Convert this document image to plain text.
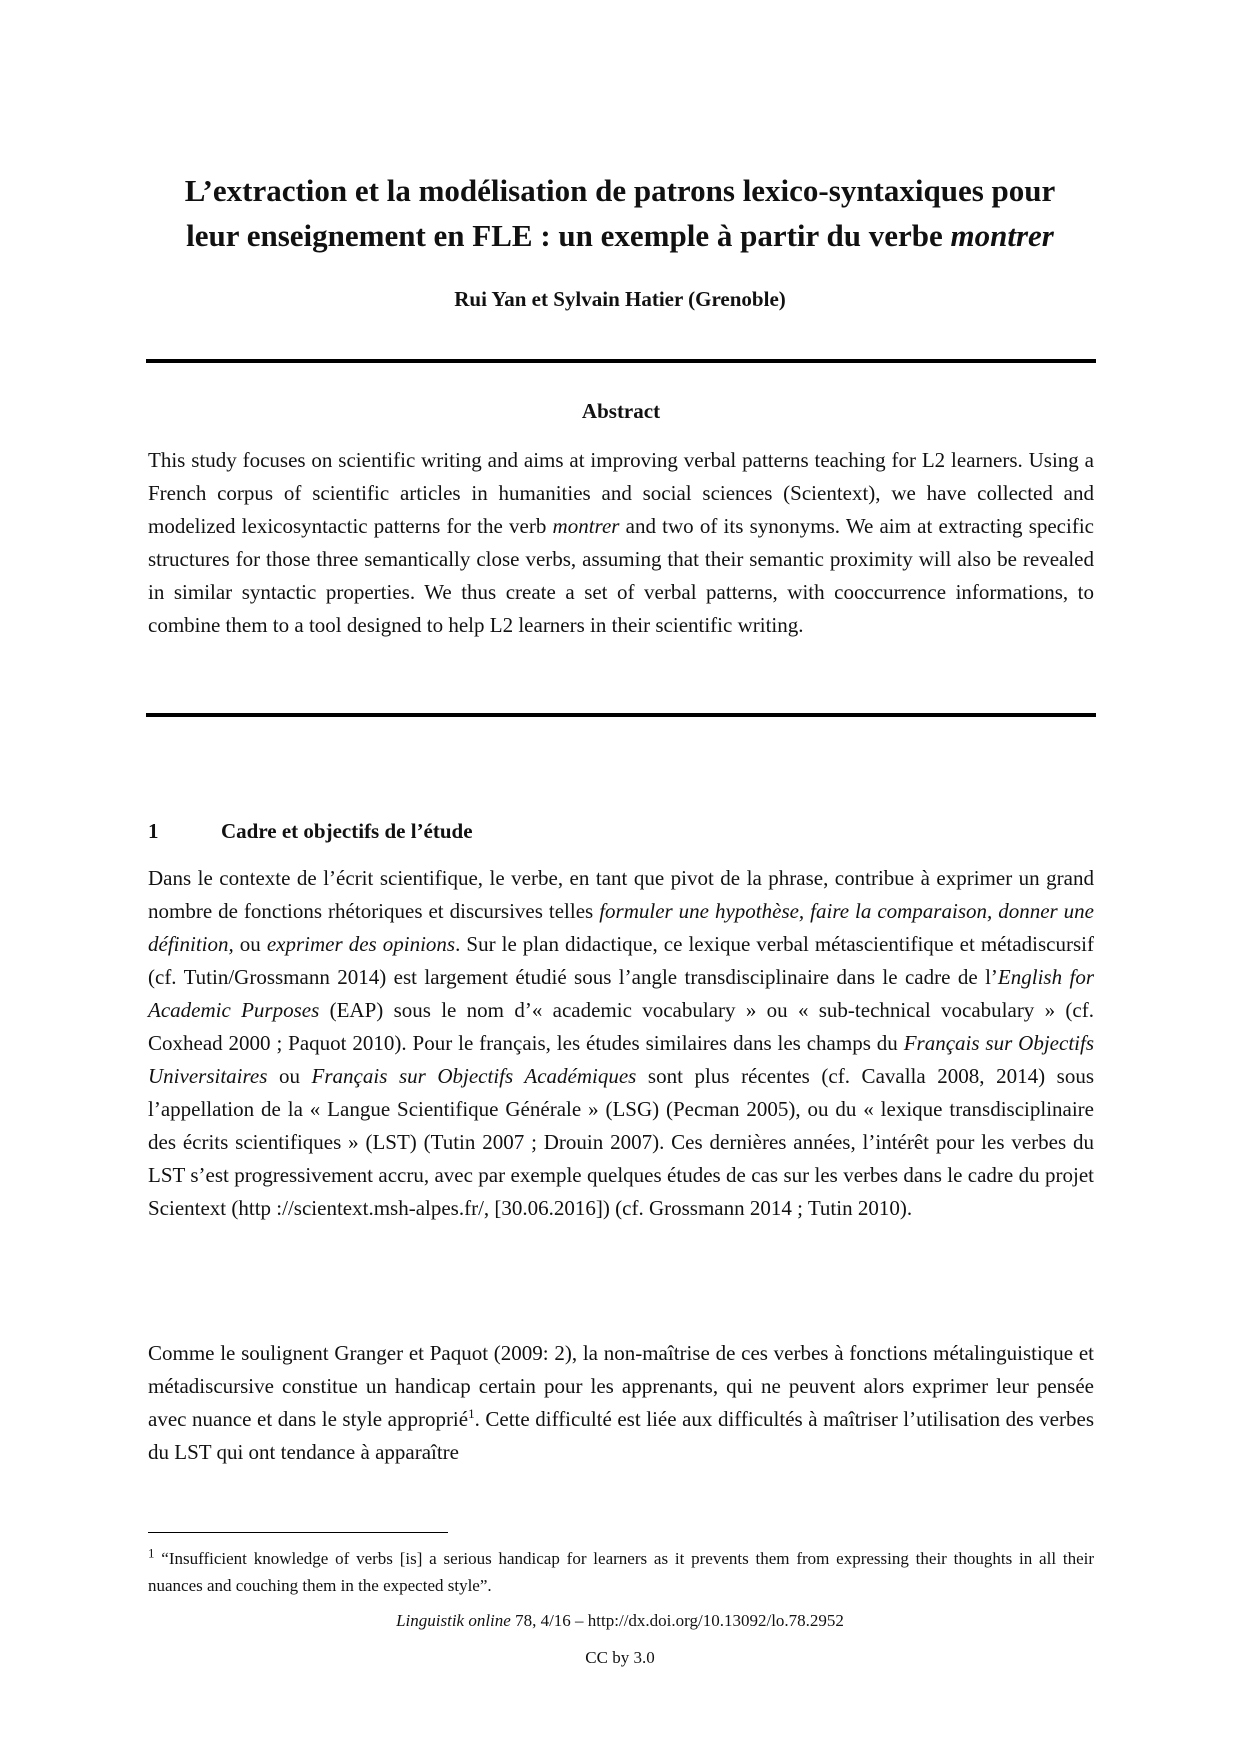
L’extraction et la modélisation de patrons lexico-syntaxiques pour
leur enseignement en FLE : un exemple à partir du verbe montrer
Rui Yan et Sylvain Hatier (Grenoble)
Abstract
This study focuses on scientific writing and aims at improving verbal patterns teaching for L2 learners. Using a French corpus of scientific articles in humanities and social sciences (Scientext), we have collected and modelized lexicosyntactic patterns for the verb montrer and two of its synonyms. We aim at extracting specific structures for those three semantically close verbs, assuming that their semantic proximity will also be revealed in similar syntactic properties. We thus create a set of verbal patterns, with cooccurrence informations, to combine them to a tool designed to help L2 learners in their scientific writing.
1	Cadre et objectifs de l’étude

Dans le contexte de l’écrit scientifique, le verbe, en tant que pivot de la phrase, contribue à exprimer un grand nombre de fonctions rhétoriques et discursives telles formuler une hypothèse, faire la comparaison, donner une définition, ou exprimer des opinions. Sur le plan didactique, ce lexique verbal métascientifique et métadiscursif (cf. Tutin/Grossmann 2014) est largement étudié sous l’angle transdisciplinaire dans le cadre de l’English for Academic Purposes (EAP) sous le nom d’« academic vocabulary » ou « sub-technical vocabulary » (cf. Coxhead 2000 ; Paquot 2010). Pour le français, les études similaires dans les champs du Français sur Objectifs Universitaires ou Français sur Objectifs Académiques sont plus récentes (cf. Cavalla 2008, 2014) sous l’appellation de la « Langue Scientifique Générale » (LSG) (Pecman 2005), ou du « lexique transdisciplinaire des écrits scientifiques » (LST) (Tutin 2007 ; Drouin 2007). Ces dernières années, l’intérêt pour les verbes du LST s’est progressivement accru, avec par exemple quelques études de cas sur les verbes dans le cadre du projet Scientext (http ://scientext.msh-alpes.fr/, [30.06.2016]) (cf. Grossmann 2014 ; Tutin 2010).

Comme le soulignent Granger et Paquot (2009: 2), la non-maîtrise de ces verbes à fonctions métalinguistique et métadiscursive constitue un handicap certain pour les apprenants, qui ne peuvent alors exprimer leur pensée avec nuance et dans le style approprié$^1$. Cette difficulté est liée aux difficultés à maîtriser l’utilisation des verbes du LST qui ont tendance à apparaître

$^1$ “Insufficient knowledge of verbs [is] a serious handicap for learners as it prevents them from expressing their thoughts in all their nuances and couching them in the expected style”.
Linguistik online 78, 4/16 – http://dx.doi.org/10.13092/lo.78.2952
CC by 3.0
